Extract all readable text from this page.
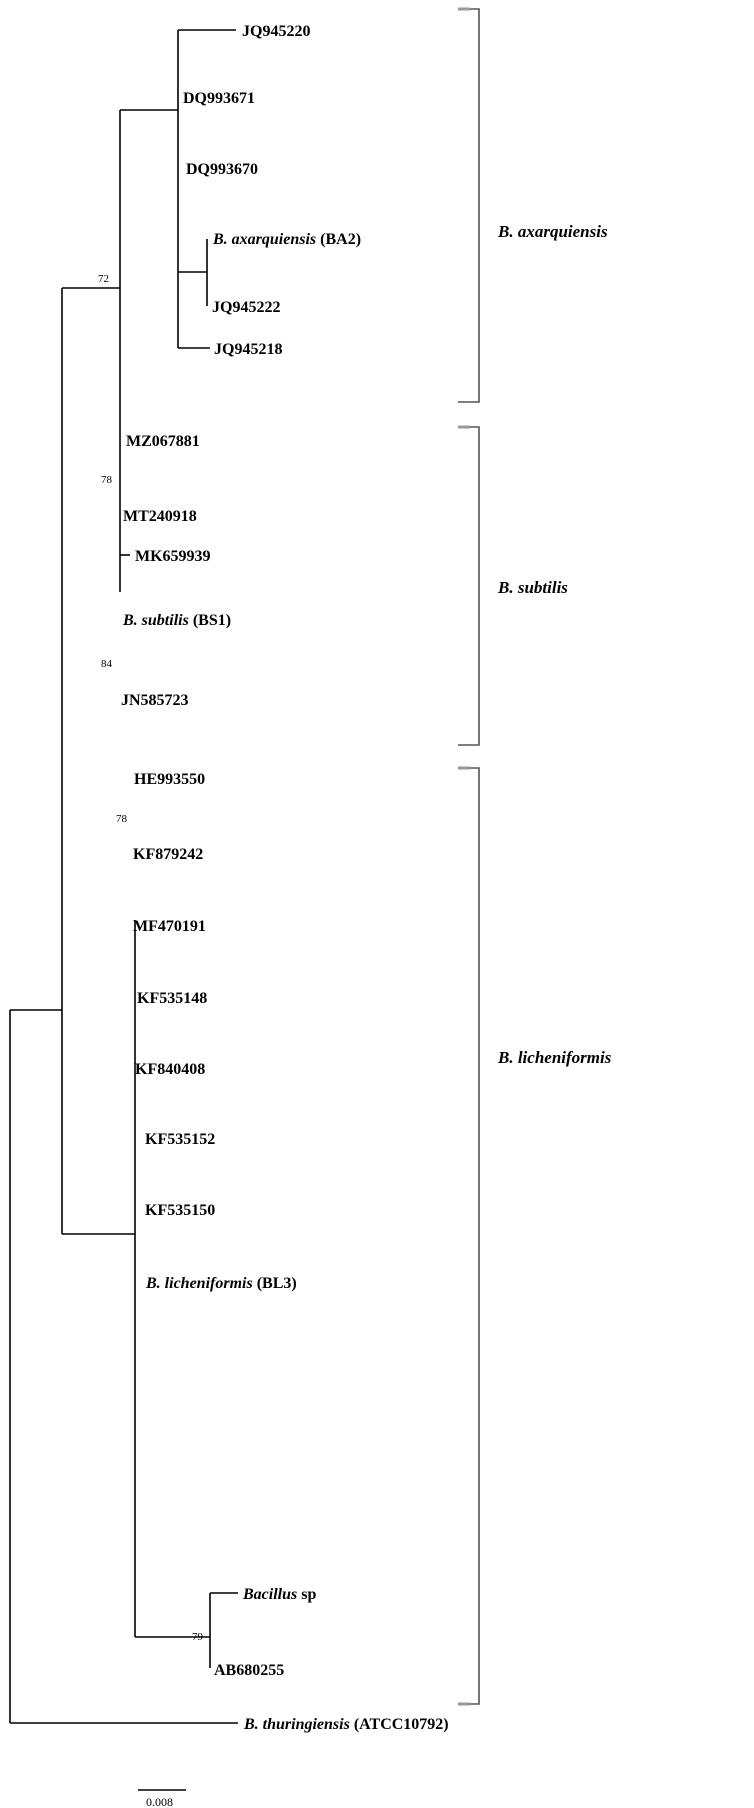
JQ945220
DQ993671
DQ993670
B. axarquiensis (BA2)
JQ945222
JQ945218
MZ067881
MT240918
MK659939
B. subtilis (BS1)
JN585723
HE993550
KF879242
MF470191
KF535148
KF840408
KF535152
KF535150
B. licheniformis (BL3)
Bacillus sp
AB680255
B. thuringiensis (ATCC10792)
72
78
84
78
79
B. axarquiensis
B. subtilis
B. licheniformis
0.008
